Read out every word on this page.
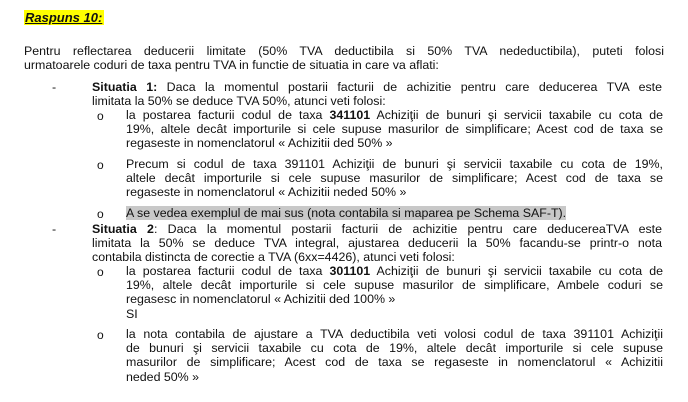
Raspuns 10:
Pentru reflectarea deducerii limitate (50% TVA deductibila si 50% TVA nedeductibila), puteti folosi
urmatoarele coduri de taxa pentru TVA in functie de situatia in care va aflati:
-	Situatia 1: Daca la momentul postarii facturii de achizitie pentru care deducerea TVA este
limitata la 50% se deduce TVA 50%, atunci veti folosi:
o la postarea facturii codul de taxa 341101 Achiziţii de bunuri şi servicii taxabile cu cota de
19%, altele decât importurile si cele supuse masurilor de simplificare; Acest cod de taxa se
regaseste in nomenclatorul « Achizitii ded 50% »
o Precum si codul de taxa 391101 Achiziţii de bunuri şi servicii taxabile cu cota de 19%,
altele decât importurile si cele supuse masurilor de simplificare; Acest cod de taxa se
regaseste in nomenclatorul « Achizitii neded 50% »
o A se vedea exemplul de mai sus (nota contabila si maparea pe Schema SAF-T).
-	Situatia 2: Daca la momentul postarii facturii de achizitie pentru care deducereaTVA este
limitata la 50% se deduce TVA integral, ajustarea deducerii la 50% facandu-se printr-o nota
contabila distincta de corectie a TVA (6xx=4426), atunci veti folosi:
o la postarea facturii codul de taxa 301101 Achiziţii de bunuri şi servicii taxabile cu cota de
19%, altele decât importurile si cele supuse masurilor de simplificare, Ambele coduri se
regasesc in nomenclatorul « Achizitii ded 100% »
SI
o la nota contabila de ajustare a TVA deductibila veti volosi codul de taxa 391101 Achiziţii
de bunuri şi servicii taxabile cu cota de 19%, altele decât importurile si cele supuse
masurilor de simplificare; Acest cod de taxa se regaseste in nomenclatorul « Achizitii
neded 50% »
